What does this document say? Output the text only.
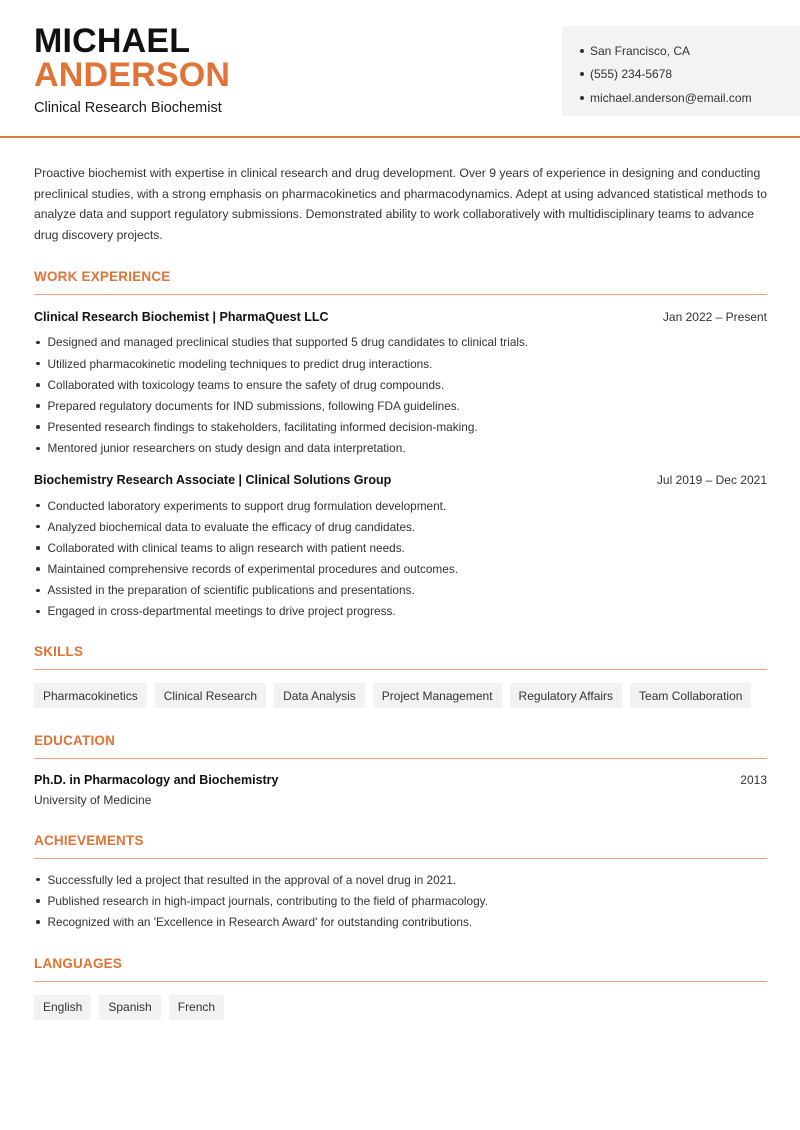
MICHAEL
ANDERSON
Clinical Research Biochemist
San Francisco, CA
(555) 234-5678
michael.anderson@email.com

Proactive biochemist with expertise in clinical research and drug development. Over 9 years of experience in designing and conducting preclinical studies, with a strong emphasis on pharmacokinetics and pharmacodynamics. Adept at using advanced statistical methods to analyze data and support regulatory submissions. Demonstrated ability to work collaboratively with multidisciplinary teams to advance drug discovery projects.

WORK EXPERIENCE
Clinical Research Biochemist | PharmaQuest LLC	Jan 2022 – Present
Designed and managed preclinical studies that supported 5 drug candidates to clinical trials.
Utilized pharmacokinetic modeling techniques to predict drug interactions.
Collaborated with toxicology teams to ensure the safety of drug compounds.
Prepared regulatory documents for IND submissions, following FDA guidelines.
Presented research findings to stakeholders, facilitating informed decision-making.
Mentored junior researchers on study design and data interpretation.
Biochemistry Research Associate | Clinical Solutions Group	Jul 2019 – Dec 2021
Conducted laboratory experiments to support drug formulation development.
Analyzed biochemical data to evaluate the efficacy of drug candidates.
Collaborated with clinical teams to align research with patient needs.
Maintained comprehensive records of experimental procedures and outcomes.
Assisted in the preparation of scientific publications and presentations.
Engaged in cross-departmental meetings to drive project progress.
SKILLS
Pharmacokinetics	Clinical Research	Data Analysis	Project Management	Regulatory Affairs	Team Collaboration
EDUCATION
Ph.D. in Pharmacology and Biochemistry	2013
University of Medicine
ACHIEVEMENTS
Successfully led a project that resulted in the approval of a novel drug in 2021.
Published research in high-impact journals, contributing to the field of pharmacology.
Recognized with an 'Excellence in Research Award' for outstanding contributions.
LANGUAGES
English	Spanish	French
